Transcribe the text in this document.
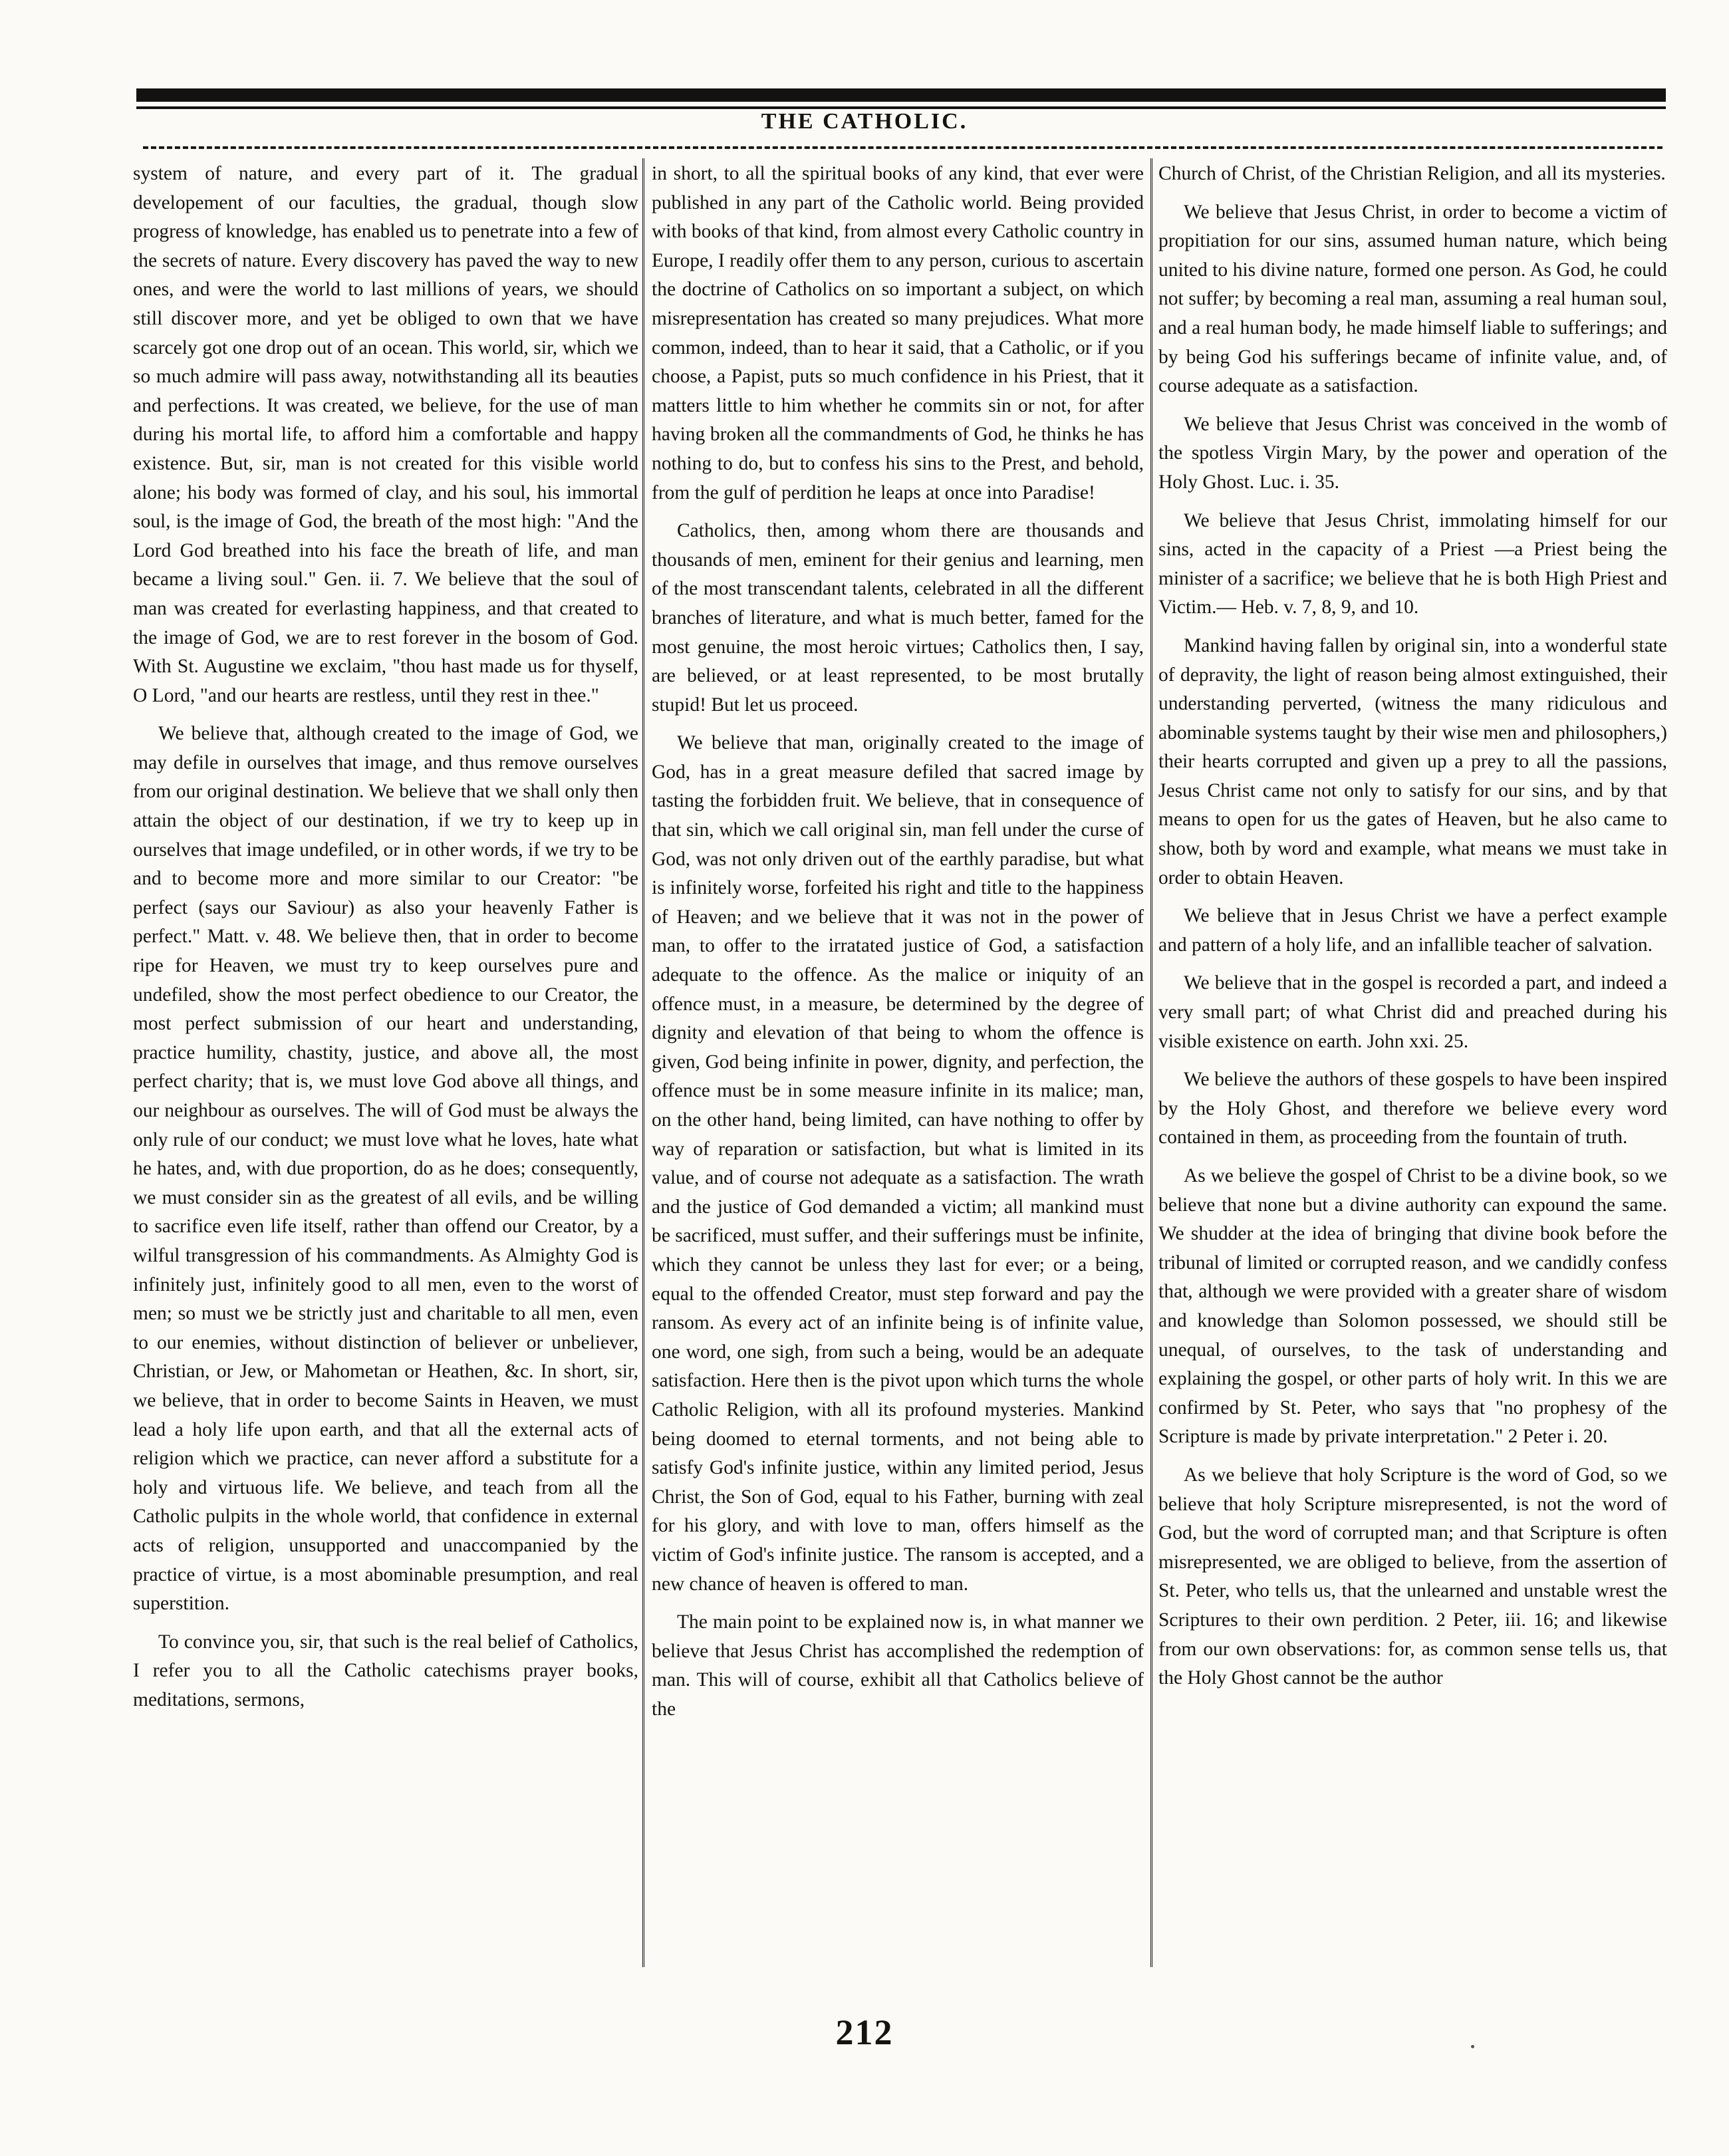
THE CATHOLIC.

system of nature, and every part of it. The gradual developement of our faculties, the gradual, though slow progress of knowledge, has enabled us to penetrate into a few of the secrets of nature. Every discovery has paved the way to new ones, and were the world to last millions of years, we should still discover more, and yet be obliged to own that we have scarcely got one drop out of an ocean. This world, sir, which we so much admire will pass away, notwithstanding all its beauties and perfections. It was created, we believe, for the use of man during his mortal life, to afford him a comfortable and happy existence. But, sir, man is not created for this visible world alone; his body was formed of clay, and his soul, his immortal soul, is the image of God, the breath of the most high: "And the Lord God breathed into his face the breath of life, and man became a living soul." Gen. ii. 7. We believe that the soul of man was created for everlasting happiness, and that created to the image of God, we are to rest forever in the bosom of God. With St. Augustine we exclaim, "thou hast made us for thyself, O Lord, "and our hearts are restless, until they rest in thee."

We believe that, although created to the image of God, we may defile in ourselves that image, and thus remove ourselves from our original destination. We believe that we shall only then attain the object of our destination, if we try to keep up in ourselves that image undefiled, or in other words, if we try to be and to become more and more similar to our Creator: "be perfect (says our Saviour) as also your heavenly Father is perfect." Matt. v. 48. We believe then, that in order to become ripe for Heaven, we must try to keep ourselves pure and undefiled, show the most perfect obedience to our Creator, the most perfect submission of our heart and understanding, practice humility, chastity, justice, and above all, the most perfect charity; that is, we must love God above all things, and our neighbour as ourselves. The will of God must be always the only rule of our conduct; we must love what he loves, hate what he hates, and, with due proportion, do as he does; consequently, we must consider sin as the greatest of all evils, and be willing to sacrifice even life itself, rather than offend our Creator, by a wilful transgression of his commandments. As Almighty God is infinitely just, infinitely good to all men, even to the worst of men; so must we be strictly just and charitable to all men, even to our enemies, without distinction of believer or unbeliever, Christian, or Jew, or Mahometan or Heathen, &c. In short, sir, we believe, that in order to become Saints in Heaven, we must lead a holy life upon earth, and that all the external acts of religion which we practice, can never afford a substitute for a holy and virtuous life. We believe, and teach from all the Catholic pulpits in the whole world, that confidence in external acts of religion, unsupported and unaccompanied by the practice of virtue, is a most abominable presumption, and real superstition.

To convince you, sir, that such is the real belief of Catholics, I refer you to all the Catholic catechisms prayer books, meditations, sermons,

in short, to all the spiritual books of any kind, that ever were published in any part of the Catholic world. Being provided with books of that kind, from almost every Catholic country in Europe, I readily offer them to any person, curious to ascertain the doctrine of Catholics on so important a subject, on which misrepresentation has created so many prejudices. What more common, indeed, than to hear it said, that a Catholic, or if you choose, a Papist, puts so much confidence in his Priest, that it matters little to him whether he commits sin or not, for after having broken all the commandments of God, he thinks he has nothing to do, but to confess his sins to the Prest, and behold, from the gulf of perdition he leaps at once into Paradise!

Catholics, then, among whom there are thousands and thousands of men, eminent for their genius and learning, men of the most transcendant talents, celebrated in all the different branches of literature, and what is much better, famed for the most genuine, the most heroic virtues; Catholics then, I say, are believed, or at least represented, to be most brutally stupid! But let us proceed.

We believe that man, originally created to the image of God, has in a great measure defiled that sacred image by tasting the forbidden fruit. We believe, that in consequence of that sin, which we call original sin, man fell under the curse of God, was not only driven out of the earthly paradise, but what is infinitely worse, forfeited his right and title to the happiness of Heaven; and we believe that it was not in the power of man, to offer to the irratated justice of God, a satisfaction adequate to the offence. As the malice or iniquity of an offence must, in a measure, be determined by the degree of dignity and elevation of that being to whom the offence is given, God being infinite in power, dignity, and perfection, the offence must be in some measure infinite in its malice; man, on the other hand, being limited, can have nothing to offer by way of reparation or satisfaction, but what is limited in its value, and of course not adequate as a satisfaction. The wrath and the justice of God demanded a victim; all mankind must be sacrificed, must suffer, and their sufferings must be infinite, which they cannot be unless they last for ever; or a being, equal to the offended Creator, must step forward and pay the ransom. As every act of an infinite being is of infinite value, one word, one sigh, from such a being, would be an adequate satisfaction. Here then is the pivot upon which turns the whole Catholic Religion, with all its profound mysteries. Mankind being doomed to eternal torments, and not being able to satisfy God's infinite justice, within any limited period, Jesus Christ, the Son of God, equal to his Father, burning with zeal for his glory, and with love to man, offers himself as the victim of God's infinite justice. The ransom is accepted, and a new chance of heaven is offered to man.

The main point to be explained now is, in what manner we believe that Jesus Christ has accomplished the redemption of man. This will of course, exhibit all that Catholics believe of the

Church of Christ, of the Christian Religion, and all its mysteries.

We believe that Jesus Christ, in order to become a victim of propitiation for our sins, assumed human nature, which being united to his divine nature, formed one person. As God, he could not suffer; by becoming a real man, assuming a real human soul, and a real human body, he made himself liable to sufferings; and by being God his sufferings became of infinite value, and, of course adequate as a satisfaction.

We believe that Jesus Christ was conceived in the womb of the spotless Virgin Mary, by the power and operation of the Holy Ghost. Luc. i. 35.

We believe that Jesus Christ, immolating himself for our sins, acted in the capacity of a Priest —a Priest being the minister of a sacrifice; we believe that he is both High Priest and Victim.— Heb. v. 7, 8, 9, and 10.

Mankind having fallen by original sin, into a wonderful state of depravity, the light of reason being almost extinguished, their understanding perverted, (witness the many ridiculous and abominable systems taught by their wise men and philosophers,) their hearts corrupted and given up a prey to all the passions, Jesus Christ came not only to satisfy for our sins, and by that means to open for us the gates of Heaven, but he also came to show, both by word and example, what means we must take in order to obtain Heaven.

We believe that in Jesus Christ we have a perfect example and pattern of a holy life, and an infallible teacher of salvation.

We believe that in the gospel is recorded a part, and indeed a very small part; of what Christ did and preached during his visible existence on earth. John xxi. 25.

We believe the authors of these gospels to have been inspired by the Holy Ghost, and therefore we believe every word contained in them, as proceeding from the fountain of truth.

As we believe the gospel of Christ to be a divine book, so we believe that none but a divine authority can expound the same. We shudder at the idea of bringing that divine book before the tribunal of limited or corrupted reason, and we candidly confess that, although we were provided with a greater share of wisdom and knowledge than Solomon possessed, we should still be unequal, of ourselves, to the task of understanding and explaining the gospel, or other parts of holy writ. In this we are confirmed by St. Peter, who says that "no prophesy of the Scripture is made by private interpretation." 2 Peter i. 20.

As we believe that holy Scripture is the word of God, so we believe that holy Scripture misrepresented, is not the word of God, but the word of corrupted man; and that Scripture is often misrepresented, we are obliged to believe, from the assertion of St. Peter, who tells us, that the unlearned and unstable wrest the Scriptures to their own perdition. 2 Peter, iii. 16; and likewise from our own observations: for, as common sense tells us, that the Holy Ghost cannot be the author

212
